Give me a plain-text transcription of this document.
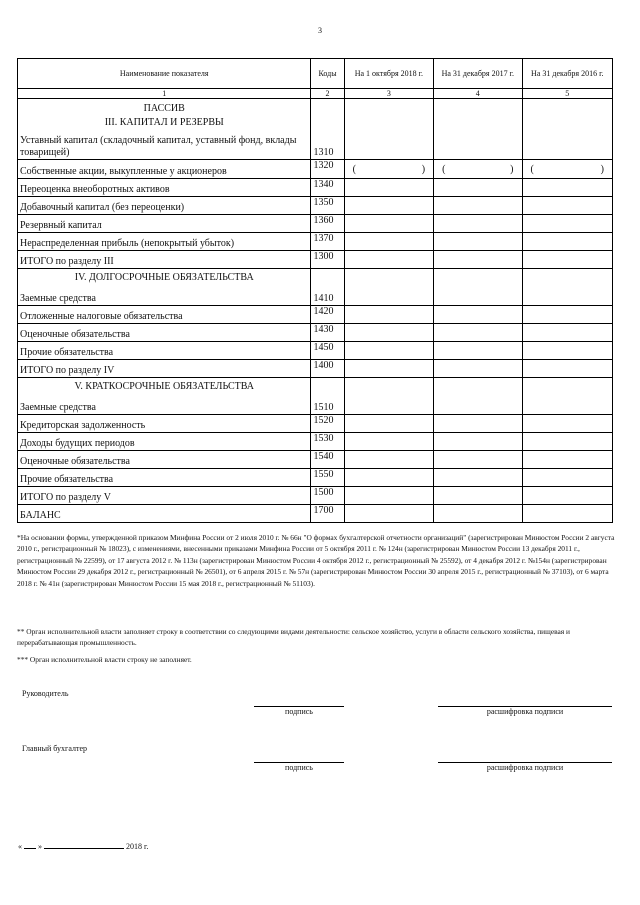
3
Наименование показателя	Коды	На 1 октября 2018 г.	На 31 декабря 2017 г.	На 31 декабря 2016 г.
1	2	3	4	5

ПАССИВ
III. КАПИТАЛ И РЕЗЕРВЫ
Уставный капитал (складочный капитал, уставный фонд, вклады товарищей)	1310			
Собственные акции, выкупленные у акционеров	1320	( )	( )	( )

Переоценка внеоборотных активов	1340			
Добавочный капитал (без переоценки)	1350			
Резервный капитал	1360			
Нераспределенная прибыль (непокрытый убыток)	1370			
ИТОГО по разделу III	1300			

IV. ДОЛГОСРОЧНЫЕ ОБЯЗАТЕЛЬСТВА
Заемные средства	1410			
Отложенные налоговые обязательства	1420			
Оценочные обязательства	1430			
Прочие обязательства	1450			
ИТОГО по разделу IV	1400			

V. КРАТКОСРОЧНЫЕ ОБЯЗАТЕЛЬСТВА
Заемные средства	1510			
Кредиторская задолженность	1520			
Доходы будущих периодов	1530			
Оценочные обязательства	1540			
Прочие обязательства	1550			
ИТОГО по разделу V	1500			
БАЛАНС	1700			
*На основании формы, утвержденной приказом Минфина России от 2 июля 2010 г. № 66н "О формах бухгалтерской отчетности организаций" (зарегистрирован Минюстом России 2 августа 2010 г., регистрационный № 18023), с изменениями, внесенными приказами Минфина России от 5 октября 2011 г. № 124н (зарегистрирован Минюстом России 13 декабря 2011 г., регистрационный № 22599), от 17 августа 2012 г. № 113н (зарегистрирован Минюстом России 4 октября 2012 г., регистрационный № 25592), от 4 декабря 2012 г. №154н (зарегистрирован Минюстом России 29 декабря 2012 г., регистрационный № 26501), от 6 апреля 2015 г. № 57н (зарегистрирован Минюстом России 30 апреля 2015 г., регистрационный № 37103), от 6 марта 2018 г. № 41н (зарегистрирован Минюстом России 15 мая 2018 г., регистрационный № 51103).
** Орган исполнительной власти заполняет строку в соответствии со следующими видами деятельности: сельское хозяйство, услуги в области сельского хозяйства, пищевая и перерабатывающая промышленность.
*** Орган исполнительной власти строку не заполняет.
Руководитель
подпись	расшифровка подписи
Главный бухгалтер
подпись	расшифровка подписи
« »	2018 г.
